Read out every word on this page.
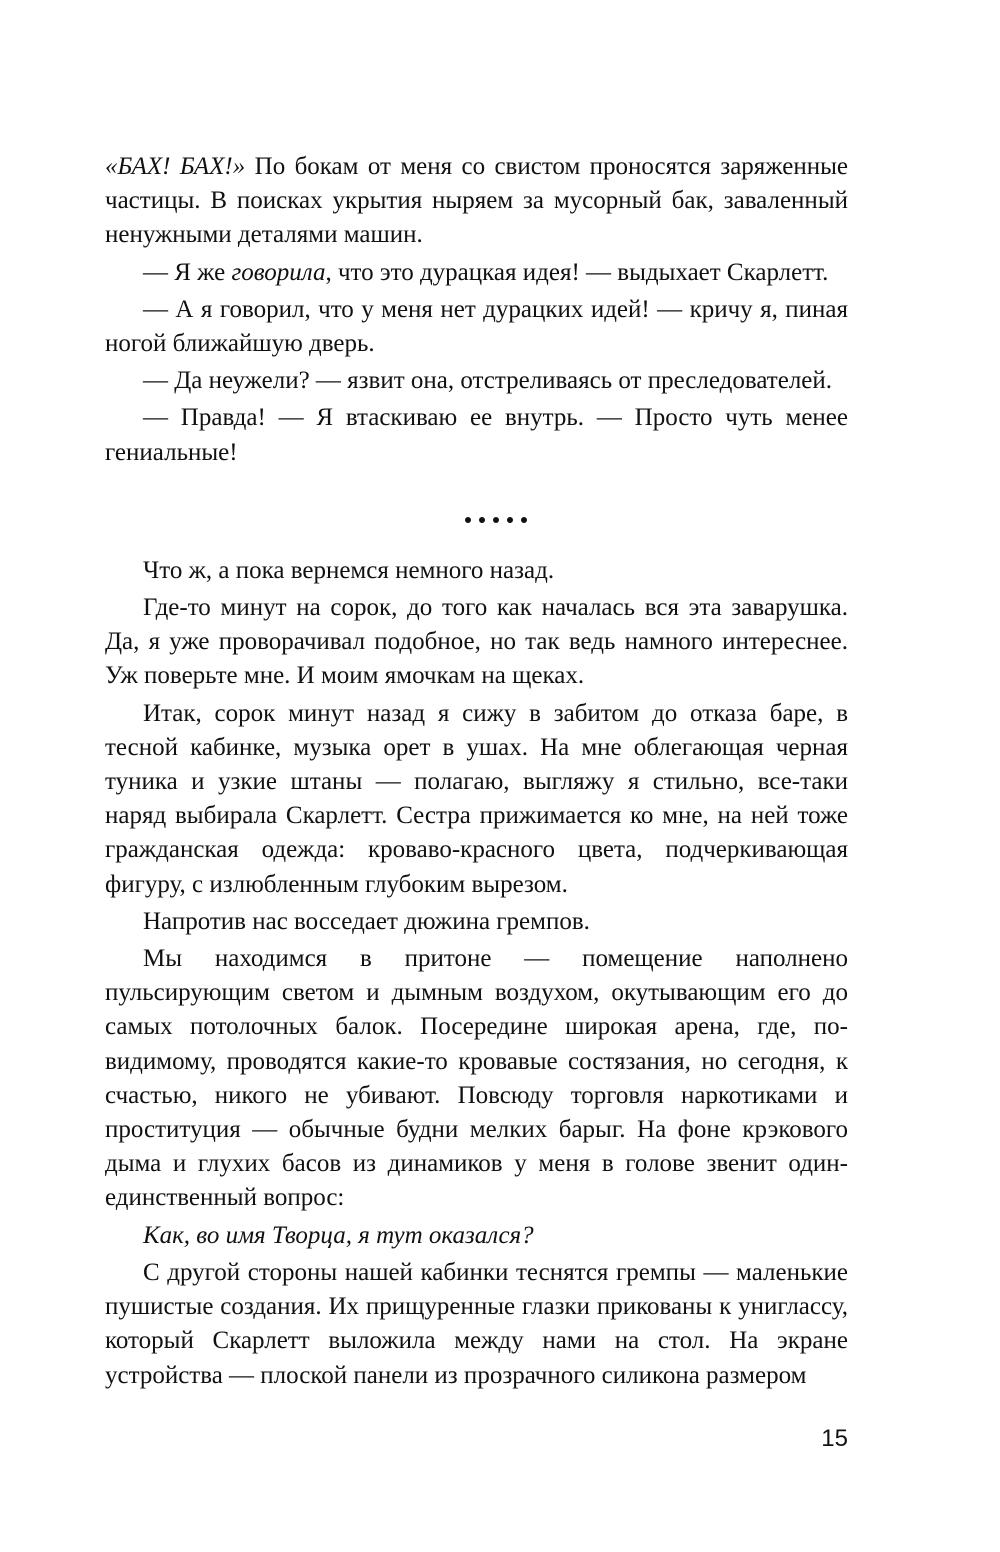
«БАХ! БАХ!» По бокам от меня со свистом проносятся заряженные частицы. В поисках укрытия ныряем за мусорный бак, заваленный ненужными деталями машин.

— Я же говорила, что это дурацкая идея! — выдыхает Скарлетт.

— А я говорил, что у меня нет дурацких идей! — кричу я, пиная ногой ближайшую дверь.

— Да неужели? — язвит она, отстреливаясь от преследователей.

— Правда! — Я втаскиваю ее внутрь. — Просто чуть менее гениальные!

Что ж, а пока вернемся немного назад.

Где-то минут на сорок, до того как началась вся эта заварушка. Да, я уже проворачивал подобное, но так ведь намного интереснее. Уж поверьте мне. И моим ямочкам на щеках.

Итак, сорок минут назад я сижу в забитом до отказа баре, в тесной кабинке, музыка орет в ушах. На мне облегающая черная туника и узкие штаны — полагаю, выгляжу я стильно, все-таки наряд выбирала Скарлетт. Сестра прижимается ко мне, на ней тоже гражданская одежда: кроваво-красного цвета, подчеркивающая фигуру, с излюбленным глубоким вырезом.

Напротив нас восседает дюжина гремпов.

Мы находимся в притоне — помещение наполнено пульсирующим светом и дымным воздухом, окутывающим его до самых потолочных балок. Посередине широкая арена, где, по-видимому, проводятся какие-то кровавые состязания, но сегодня, к счастью, никого не убивают. Повсюду торговля наркотиками и проституция — обычные будни мелких барыг. На фоне крэкового дыма и глухих басов из динамиков у меня в голове звенит один-единственный вопрос:

Как, во имя Творца, я тут оказался?

С другой стороны нашей кабинки теснятся гремпы — маленькие пушистые создания. Их прищуренные глазки прикованы к униглассу, который Скарлетт выложила между нами на стол. На экране устройства — плоской панели из прозрачного силикона размером

15
